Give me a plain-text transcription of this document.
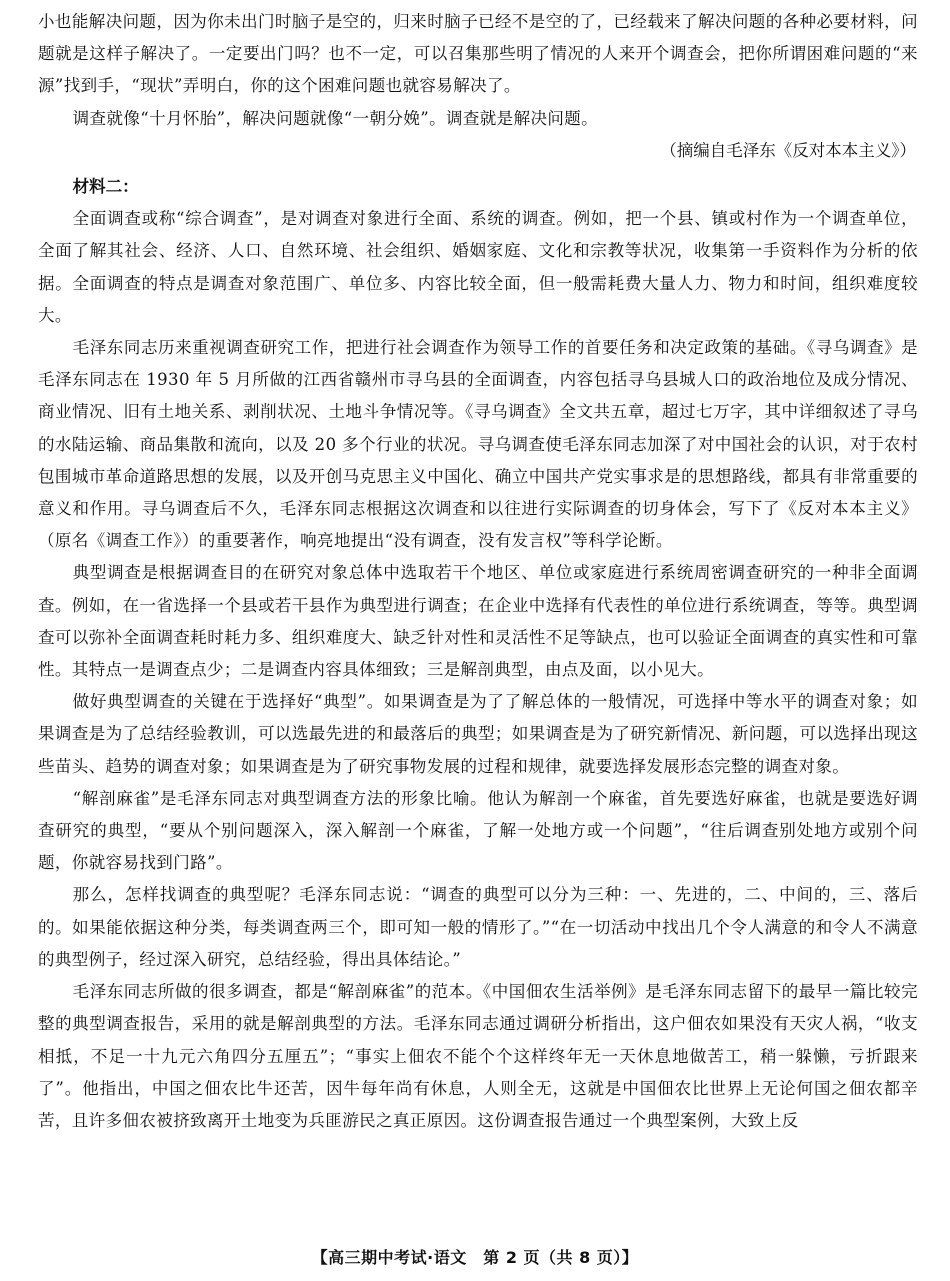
小也能解决问题，因为你未出门时脑子是空的，归来时脑子已经不是空的了，已经载来了解决问题的各种必要材料，问题就是这样子解决了。一定要出门吗？也不一定，可以召集那些明了情况的人来开个调查会，把你所谓困难问题的“来源”找到手，“现状”弄明白，你的这个困难问题也就容易解决了。

调查就像“十月怀胎”，解决问题就像“一朝分娩”。调查就是解决问题。

（摘编自毛泽东《反对本本主义》）

材料二：

全面调查或称“综合调查”，是对调查对象进行全面、系统的调查。例如，把一个县、镇或村作为一个调查单位，全面了解其社会、经济、人口、自然环境、社会组织、婚姻家庭、文化和宗教等状况，收集第一手资料作为分析的依据。全面调查的特点是调查对象范围广、单位多、内容比较全面，但一般需耗费大量人力、物力和时间，组织难度较大。

毛泽东同志历来重视调查研究工作，把进行社会调查作为领导工作的首要任务和决定政策的基础。《寻乌调查》是毛泽东同志在 1930 年 5 月所做的江西省赣州市寻乌县的全面调查，内容包括寻乌县城人口的政治地位及成分情况、商业情况、旧有土地关系、剥削状况、土地斗争情况等。《寻乌调查》全文共五章，超过七万字，其中详细叙述了寻乌的水陆运输、商品集散和流向，以及 20 多个行业的状况。寻乌调查使毛泽东同志加深了对中国社会的认识，对于农村包围城市革命道路思想的发展，以及开创马克思主义中国化、确立中国共产党实事求是的思想路线，都具有非常重要的意义和作用。寻乌调查后不久，毛泽东同志根据这次调查和以往进行实际调查的切身体会，写下了《反对本本主义》（原名《调查工作》）的重要著作，响亮地提出“没有调查，没有发言权”等科学论断。

典型调查是根据调查目的在研究对象总体中选取若干个地区、单位或家庭进行系统周密调查研究的一种非全面调查。例如，在一省选择一个县或若干县作为典型进行调查；在企业中选择有代表性的单位进行系统调查，等等。典型调查可以弥补全面调查耗时耗力多、组织难度大、缺乏针对性和灵活性不足等缺点，也可以验证全面调查的真实性和可靠性。其特点一是调查点少；二是调查内容具体细致；三是解剖典型，由点及面，以小见大。

做好典型调查的关键在于选择好“典型”。如果调查是为了了解总体的一般情况，可选择中等水平的调查对象；如果调查是为了总结经验教训，可以选最先进的和最落后的典型；如果调查是为了研究新情况、新问题，可以选择出现这些苗头、趋势的调查对象；如果调查是为了研究事物发展的过程和规律，就要选择发展形态完整的调查对象。

“解剖麻雀”是毛泽东同志对典型调查方法的形象比喻。他认为解剖一个麻雀，首先要选好麻雀，也就是要选好调查研究的典型，“要从个别问题深入，深入解剖一个麻雀，了解一处地方或一个问题”，“往后调查别处地方或别个问题，你就容易找到门路”。

那么，怎样找调查的典型呢？毛泽东同志说：“调查的典型可以分为三种：一、先进的，二、中间的，三、落后的。如果能依据这种分类，每类调查两三个，即可知一般的情形了。”“在一切活动中找出几个令人满意的和令人不满意的典型例子，经过深入研究，总结经验，得出具体结论。”

毛泽东同志所做的很多调查，都是“解剖麻雀”的范本。《中国佃农生活举例》是毛泽东同志留下的最早一篇比较完整的典型调查报告，采用的就是解剖典型的方法。毛泽东同志通过调研分析指出，这户佃农如果没有天灾人祸，“收支相抵，不足一十九元六角四分五厘五”；“事实上佃农不能个个这样终年无一天休息地做苦工，稍一躲懒，亏折跟来了”。他指出，中国之佃农比牛还苦，因牛每年尚有休息，人则全无，这就是中国佃农比世界上无论何国之佃农都辛苦，且许多佃农被挤致离开土地变为兵匪游民之真正原因。这份调查报告通过一个典型案例，大致上反

【高三期中考试·语文　第 2 页（共 8 页）】
